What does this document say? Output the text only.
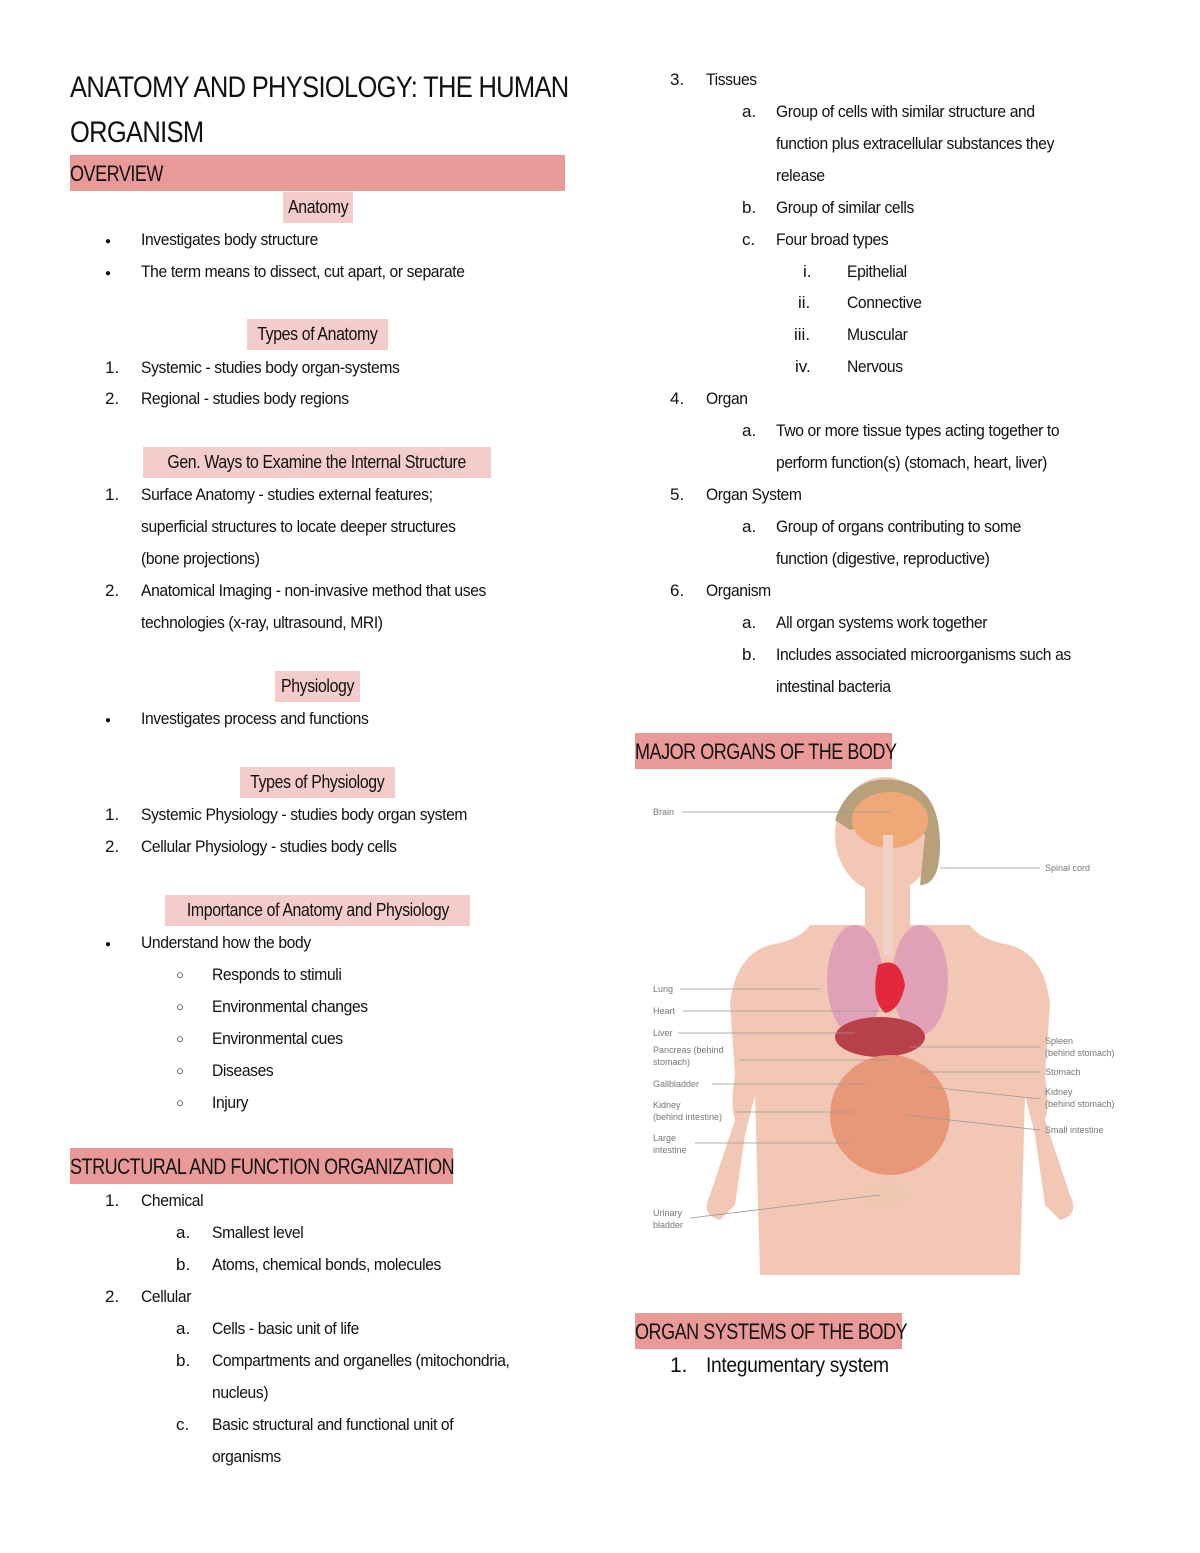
ANATOMY AND PHYSIOLOGY: THE HUMAN
ORGANISM
OVERVIEW
Anatomy
● Investigates body structure
● The term means to dissect, cut apart, or separate
Types of Anatomy
1. Systemic - studies body organ-systems
2. Regional - studies body regions
Gen. Ways to Examine the Internal Structure
1. Surface Anatomy - studies external features;
superficial structures to locate deeper structures
(bone projections)
2. Anatomical Imaging - non-invasive method that uses
technologies (x-ray, ultrasound, MRI)
Physiology
● Investigates process and functions
Types of Physiology
1. Systemic Physiology - studies body organ system
2. Cellular Physiology - studies body cells
Importance of Anatomy and Physiology
● Understand how the body
○ Responds to stimuli
○ Environmental changes
○ Environmental cues
○ Diseases
○ Injury
STRUCTURAL AND FUNCTION ORGANIZATION
1. Chemical
a. Smallest level
b. Atoms, chemical bonds, molecules
2. Cellular
a. Cells - basic unit of life
b. Compartments and organelles (mitochondria,
nucleus)
c. Basic structural and functional unit of
organisms
3. Tissues
a. Group of cells with similar structure and
function plus extracellular substances they
release
b. Group of similar cells
c. Four broad types
i. Epithelial
ii. Connective
iii. Muscular
iv. Nervous
4. Organ
a. Two or more tissue types acting together to
perform function(s) (stomach, heart, liver)
5. Organ System
a. Group of organs contributing to some
function (digestive, reproductive)
6. Organism
a. All organ systems work together
b. Includes associated microorganisms such as
intestinal bacteria
MAJOR ORGANS OF THE BODY
Brain
Spinal cord
Lung
Heart
Liver
Pancreas (behind
stomach)
Gallbladder
Kidney
(behind intestine)
Large
intestine
Urinary
bladder
Spleen
(behind stomach)
Stomach
Kidney
(behind stomach)
Small intestine
ORGAN SYSTEMS OF THE BODY
1. Integumentary system
